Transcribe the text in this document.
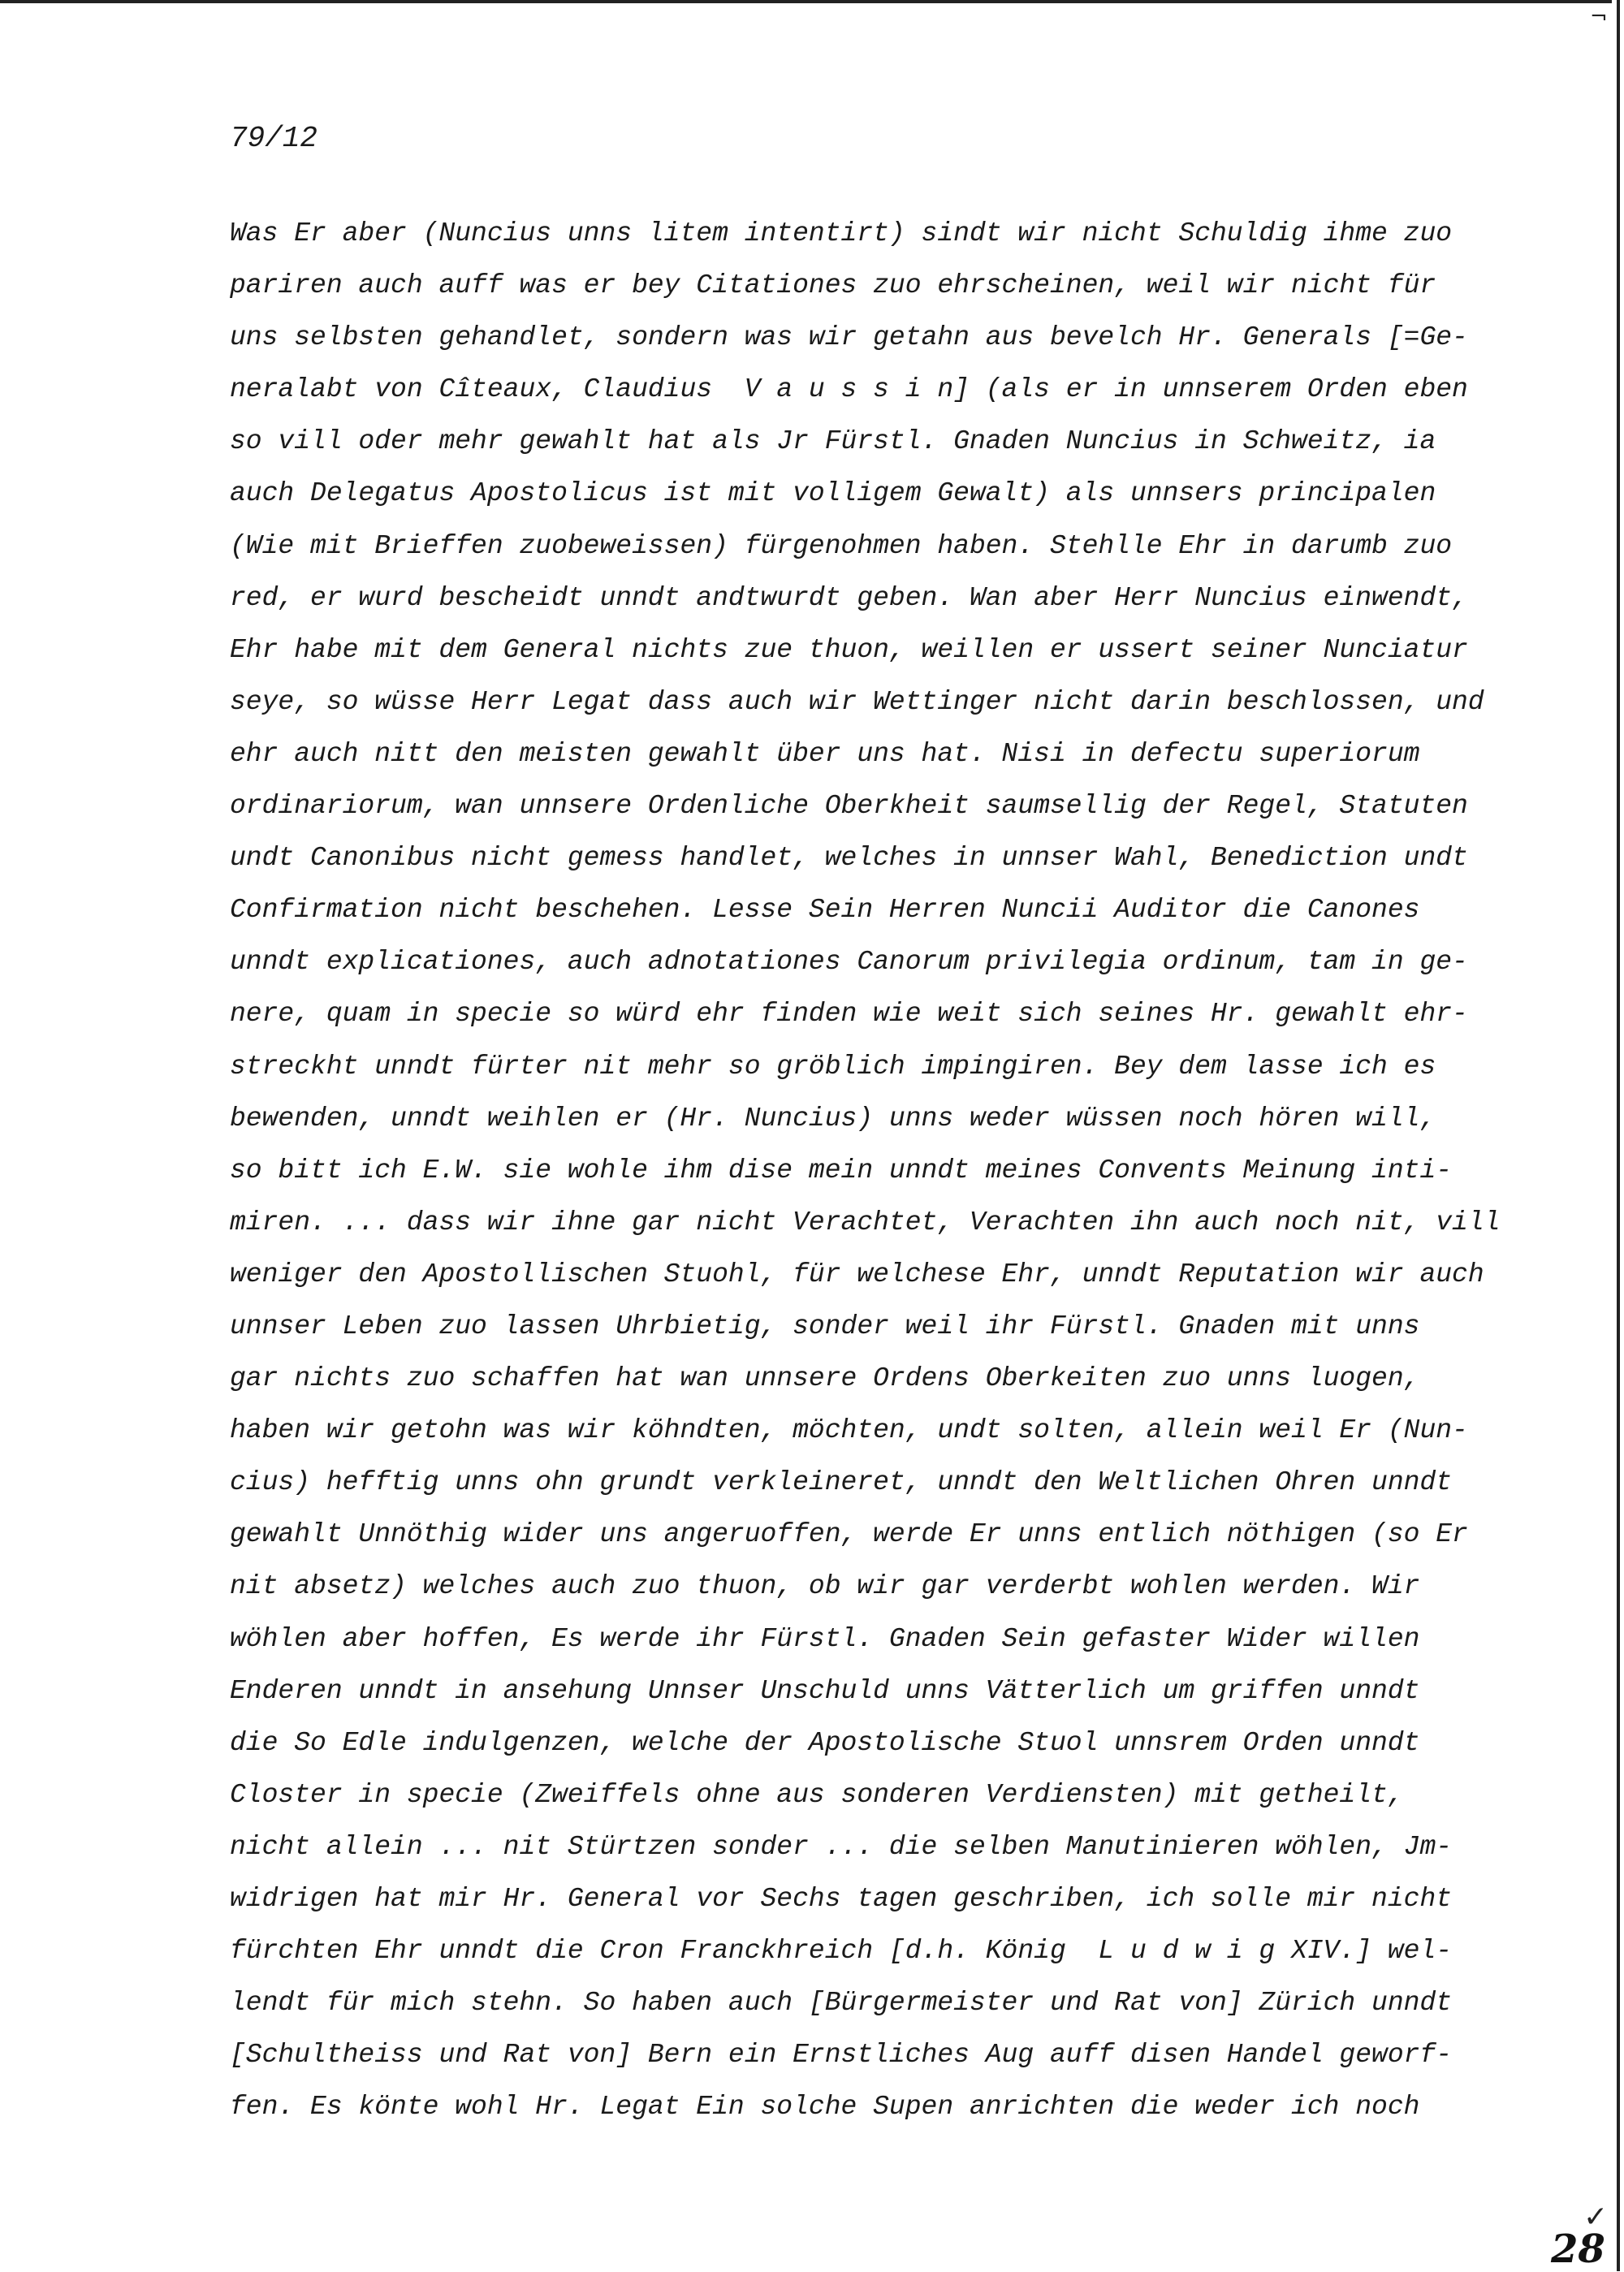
¬
79/12
Was Er aber (Nuncius unns litem intentirt) sindt wir nicht Schuldig ihme zuo
pariren auch auff was er bey Citationes zuo ehrscheinen, weil wir nicht für
uns selbsten gehandlet, sondern was wir getahn aus bevelch Hr. Generals [=Ge-
neralabt von Cîteaux, Claudius  V a u s s i n] (als er in unnserem Orden eben
so vill oder mehr gewahlt hat als Jr Fürstl. Gnaden Nuncius in Schweitz, ia
auch Delegatus Apostolicus ist mit volligem Gewalt) als unnsers principalen
(Wie mit Brieffen zuobeweissen) fürgenohmen haben. Stehlle Ehr in darumb zuo
red, er wurd bescheidt unndt andtwurdt geben. Wan aber Herr Nuncius einwendt,
Ehr habe mit dem General nichts zue thuon, weillen er ussert seiner Nunciatur
seye, so wüsse Herr Legat dass auch wir Wettinger nicht darin beschlossen, und
ehr auch nitt den meisten gewahlt über uns hat. Nisi in defectu superiorum
ordinariorum, wan unnsere Ordenliche Oberkheit saumsellig der Regel, Statuten
undt Canonibus nicht gemess handlet, welches in unnser Wahl, Benediction undt
Confirmation nicht beschehen. Lesse Sein Herren Nuncii Auditor die Canones
unndt explicationes, auch adnotationes Canorum privilegia ordinum, tam in ge-
nere, quam in specie so würd ehr finden wie weit sich seines Hr. gewahlt ehr-
streckht unndt fürter nit mehr so gröblich impingiren. Bey dem lasse ich es
bewenden, unndt weihlen er (Hr. Nuncius) unns weder wüssen noch hören will,
so bitt ich E.W. sie wohle ihm dise mein unndt meines Convents Meinung inti-
miren. ... dass wir ihne gar nicht Verachtet, Verachten ihn auch noch nit, vill
weniger den Apostollischen Stuohl, für welchese Ehr, unndt Reputation wir auch
unnser Leben zuo lassen Uhrbietig, sonder weil ihr Fürstl. Gnaden mit unns
gar nichts zuo schaffen hat wan unnsere Ordens Oberkeiten zuo unns luogen,
haben wir getohn was wir köhndten, möchten, undt solten, allein weil Er (Nun-
cius) hefftig unns ohn grundt verkleineret, unndt den Weltlichen Ohren unndt
gewahlt Unnöthig wider uns angeruoffen, werde Er unns entlich nöthigen (so Er
nit absetz) welches auch zuo thuon, ob wir gar verderbt wohlen werden. Wir
wöhlen aber hoffen, Es werde ihr Fürstl. Gnaden Sein gefaster Wider willen
Enderen unndt in ansehung Unnser Unschuld unns Vätterlich um griffen unndt
die So Edle indulgenzen, welche der Apostolische Stuol unnsrem Orden unndt
Closter in specie (Zweiffels ohne aus sonderen Verdiensten) mit getheilt,
nicht allein ... nit Stürtzen sonder ... die selben Manutinieren wöhlen, Jm-
widrigen hat mir Hr. General vor Sechs tagen geschriben, ich solle mir nicht
fürchten Ehr unndt die Cron Franckhreich [d.h. König  L u d w i g XIV.] wel-
lendt für mich stehn. So haben auch [Bürgermeister und Rat von] Zürich unndt
[Schultheiss und Rat von] Bern ein Ernstliches Aug auff disen Handel geworf-
fen. Es könte wohl Hr. Legat Ein solche Supen anrichten die weder ich noch
✓
28
